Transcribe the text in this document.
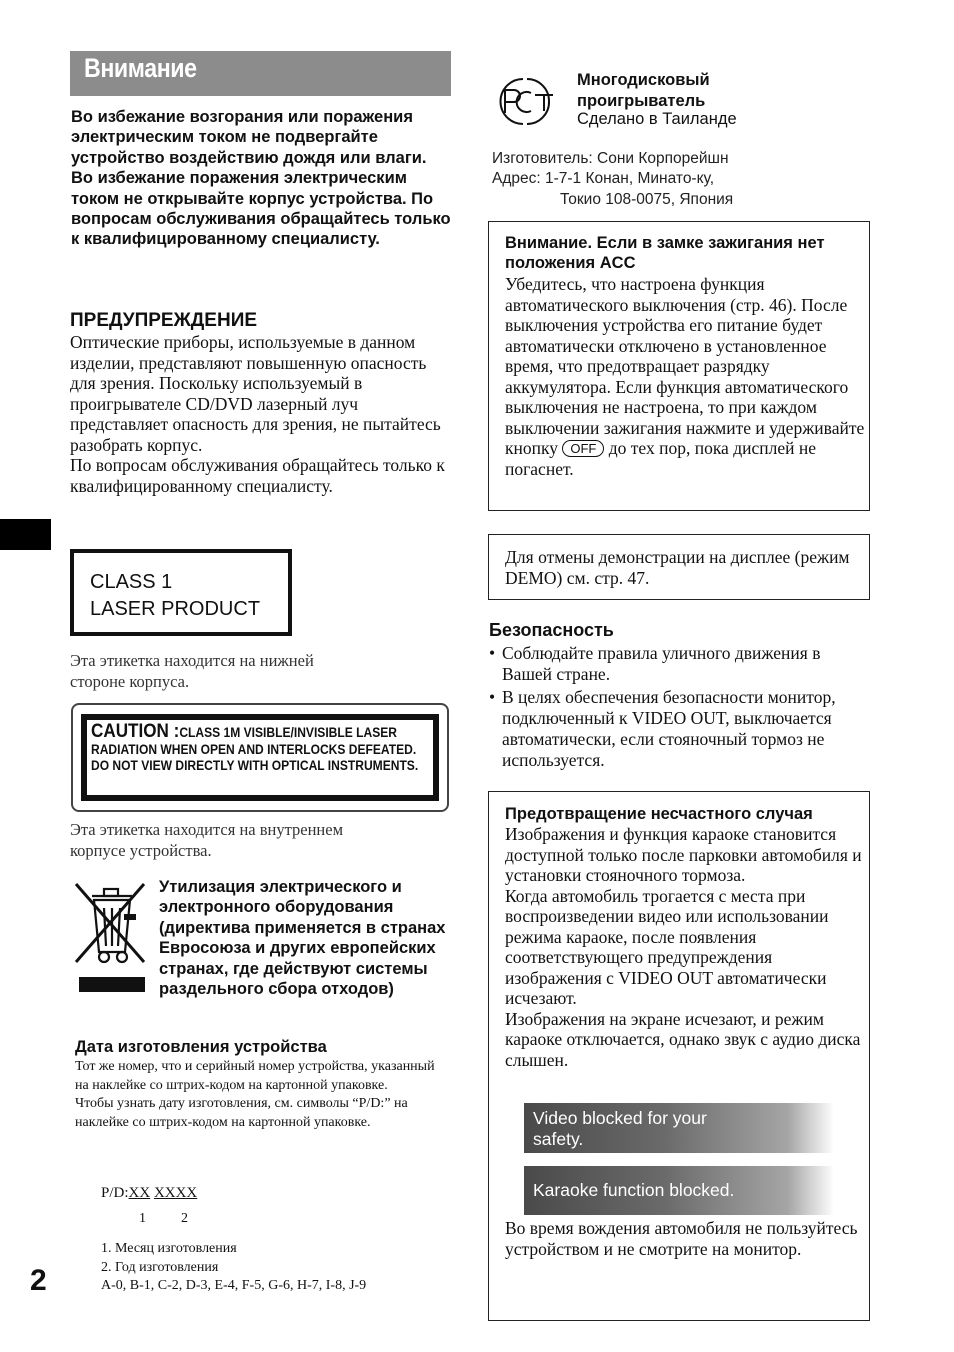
Внимание
Во избежание возгорания или поражения электрическим током не подвергайте устройство воздействию дождя или влаги.
Во избежание поражения электрическим током не открывайте корпус устройства. По вопросам обслуживания обращайтесь только к квалифицированному специалисту.
ПРЕДУПРЕЖДЕНИЕ
Оптические приборы, используемые в данном изделии, представляют повышенную опасность для зрения. Поскольку используемый в проигрывателе CD/DVD лазерный луч представляет опасность для зрения, не пытайтесь разобрать корпус.
По вопросам обслуживания обращайтесь только к квалифицированному специалисту.
CLASS 1
LASER PRODUCT
Эта этикетка находится на нижней
стороне корпуса.
CAUTION :CLASS 1M VISIBLE/INVISIBLE LASER
RADIATION WHEN OPEN AND INTERLOCKS DEFEATED.
DO NOT VIEW DIRECTLY WITH OPTICAL INSTRUMENTS.
Эта этикетка находится на внутреннем
корпусе устройства.
Утилизация электрического и электронного оборудования (директива применяется в странах Евросоюза и других европейских странах, где действуют системы раздельного сбора отходов)
Дата изготовления устройства
Тот же номер, что и серийный номер устройства, указанный на наклейке со штрих-кодом на картонной упаковке.
Чтобы узнать дату изготовления, см. символы “P/D:” на наклейке со штрих-кодом на картонной упаковке.
P/D:XX XXXX
1	2
1. Месяц изготовления
2. Год изготовления
A-0, B-1, C-2, D-3, E-4, F-5, G-6, H-7, I-8, J-9
2
Многодисковый
проигрыватель
Сделано в Таиланде
Изготовитель: Сони Корпорейшн
Адрес: 1-7-1 Конан, Минато-ку,
Токио 108-0075, Япония
Внимание. Если в замке зажигания нет положения ACC
Убедитесь, что настроена функция автоматического выключения (стр. 46). После выключения устройства его питание будет автоматически отключено в установленное время, что предотвращает разрядку аккумулятора. Если функция автоматического выключения не настроена, то при каждом выключении зажигания нажмите и удерживайте кнопку OFF до тех пор, пока дисплей не погаснет.
Для отмены демонстрации на дисплее (режим DEMO) см. стр. 47.
Безопасность
• Соблюдайте правила уличного движения в Вашей стране.
• В целях обеспечения безопасности монитор, подключенный к VIDEO OUT, выключается автоматически, если стояночный тормоз не используется.
Предотвращение несчастного случая
Изображения и функция караоке становится доступной только после парковки автомобиля и установки стояночного тормоза.
Когда автомобиль трогается с места при воспроизведении видео или использовании режима караоке, после появления соответствующего предупреждения изображения с VIDEO OUT автоматически исчезают.
Изображения на экране исчезают, и режим караоке отключается, однако звук с аудио диска слышен.
Video blocked for your
safety.
Karaoke function blocked.
Во время вождения автомобиля не пользуйтесь устройством и не смотрите на монитор.
